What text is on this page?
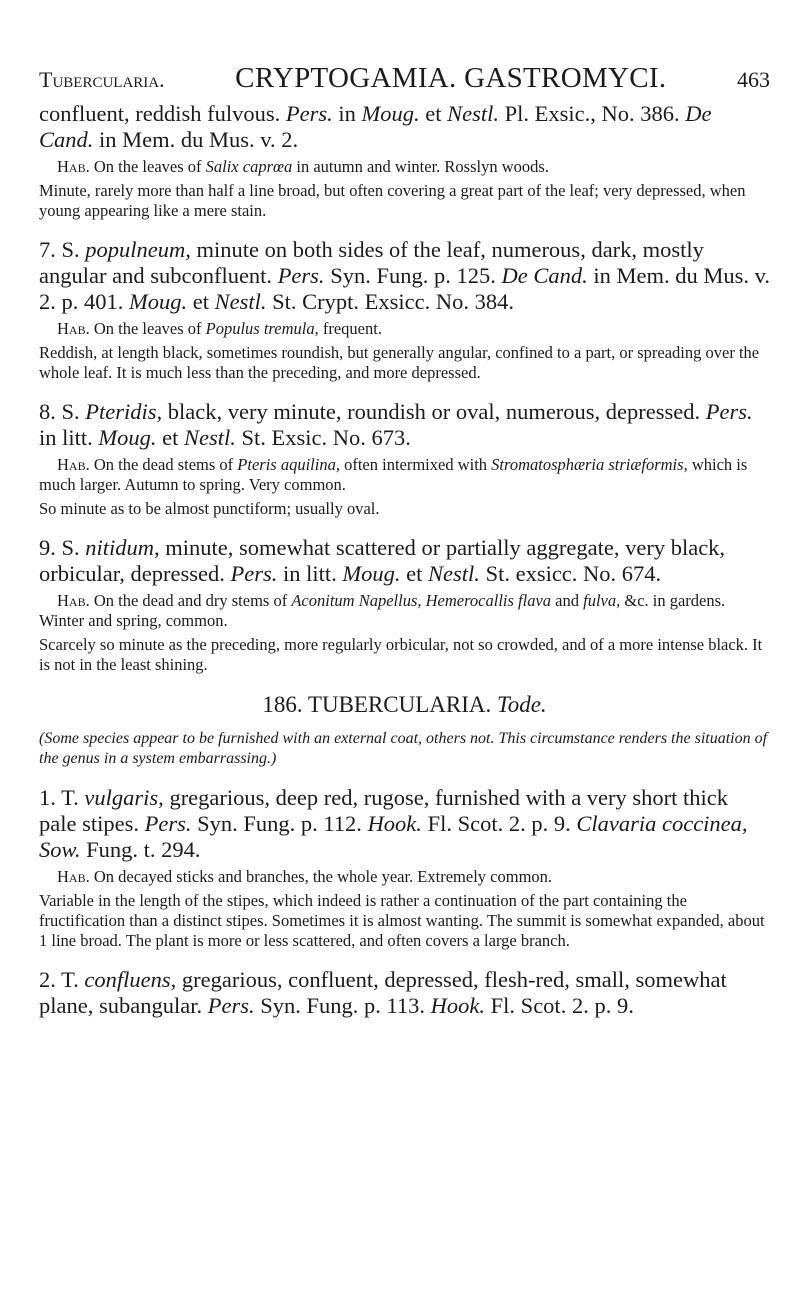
Tubercularia. CRYPTOGAMIA. GASTROMYCI.	463

confluent, reddish fulvous. Pers. in Moug. et Nestl. Pl. Exsic., No. 386. De Cand. in Mem. du Mus. v. 2.

Hab. On the leaves of Salix caprœa in autumn and winter. Rosslyn woods.

Minute, rarely more than half a line broad, but often covering a great part of the leaf; very depressed, when young appearing like a mere stain.

7. S. populneum, minute on both sides of the leaf, numerous, dark, mostly angular and subconfluent. Pers. Syn. Fung. p. 125. De Cand. in Mem. du Mus. v. 2. p. 401. Moug. et Nestl. St. Crypt. Exsicc. No. 384.

Hab. On the leaves of Populus tremula, frequent.

Reddish, at length black, sometimes roundish, but generally angular, confined to a part, or spreading over the whole leaf. It is much less than the preceding, and more depressed.

8. S. Pteridis, black, very minute, roundish or oval, numerous, depressed. Pers. in litt. Moug. et Nestl. St. Exsic. No. 673.

Hab. On the dead stems of Pteris aquilina, often intermixed with Stromatosphæria striæformis, which is much larger. Autumn to spring. Very common.

So minute as to be almost punctiform; usually oval.

9. S. nitidum, minute, somewhat scattered or partially aggregate, very black, orbicular, depressed. Pers. in litt. Moug. et Nestl. St. exsicc. No. 674.

Hab. On the dead and dry stems of Aconitum Napellus, Hemerocallis flava and fulva, &c. in gardens. Winter and spring, common.

Scarcely so minute as the preceding, more regularly orbicular, not so crowded, and of a more intense black. It is not in the least shining.

186. TUBERCULARIA. Tode.

(Some species appear to be furnished with an external coat, others not. This circumstance renders the situation of the genus in a system embarrassing.)

1. T. vulgaris, gregarious, deep red, rugose, furnished with a very short thick pale stipes. Pers. Syn. Fung. p. 112. Hook. Fl. Scot. 2. p. 9. Clavaria coccinea, Sow. Fung. t. 294.

Hab. On decayed sticks and branches, the whole year. Extremely common.

Variable in the length of the stipes, which indeed is rather a continuation of the part containing the fructification than a distinct stipes. Sometimes it is almost wanting. The summit is somewhat expanded, about 1 line broad. The plant is more or less scattered, and often covers a large branch.

2. T. confluens, gregarious, confluent, depressed, flesh-red, small, somewhat plane, subangular. Pers. Syn. Fung. p. 113. Hook. Fl. Scot. 2. p. 9.
